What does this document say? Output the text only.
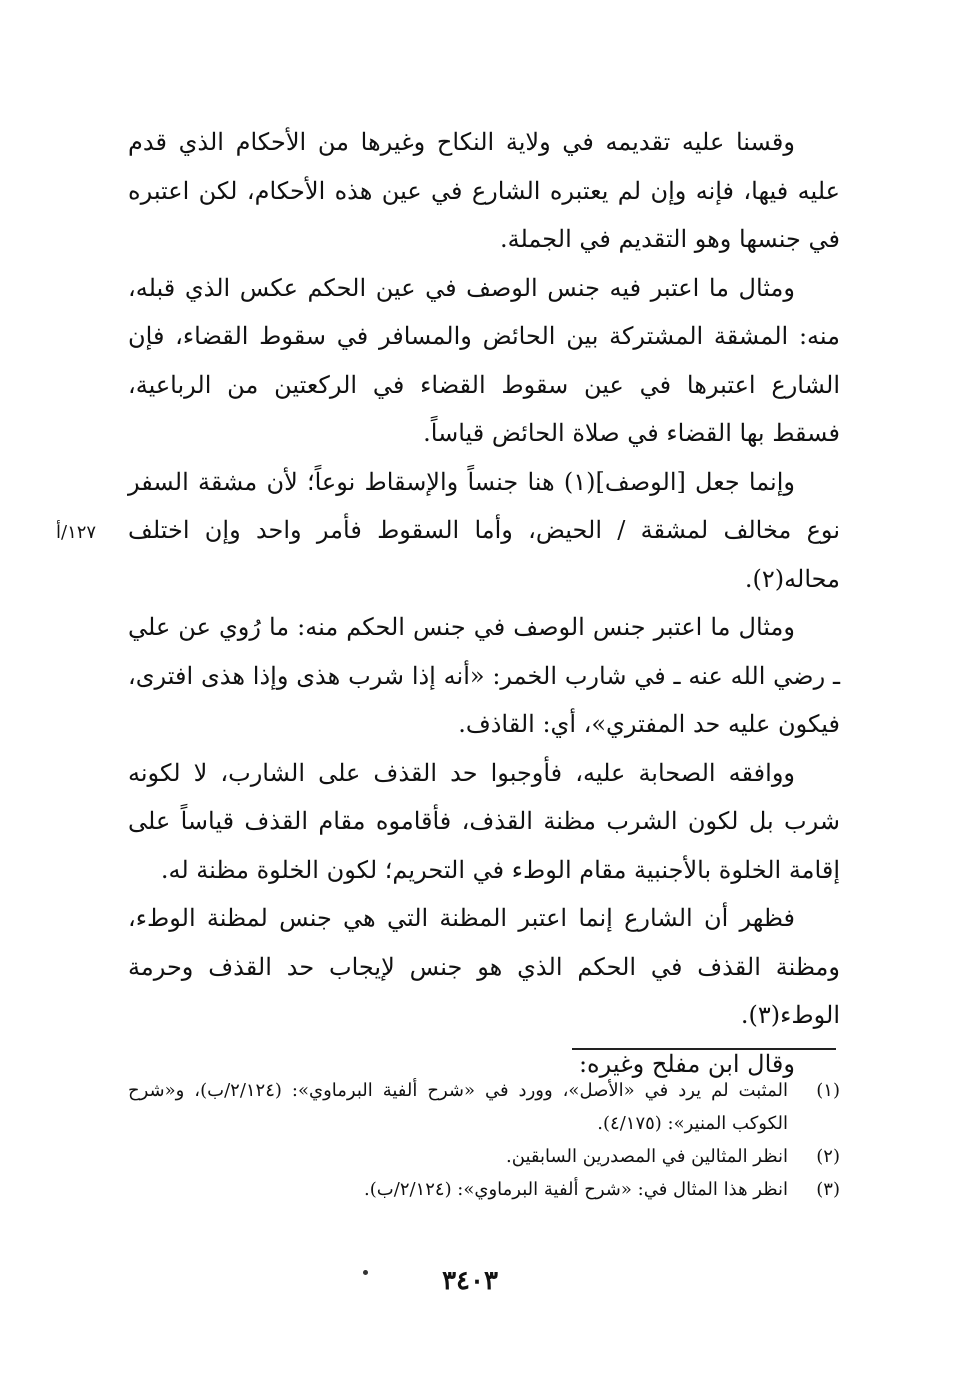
وقسنا عليه تقديمه في ولاية النكاح وغيرها من الأحكام الذي قدم عليه فيها، فإنه وإن لم يعتبره الشارع في عين هذه الأحكام، لكن اعتبره في جنسها وهو التقديم في الجملة.

ومثال ما اعتبر فيه جنس الوصف في عين الحكم عكس الذي قبله، منه: المشقة المشتركة بين الحائض والمسافر في سقوط القضاء، فإن الشارع اعتبرها في عين سقوط القضاء في الركعتين من الرباعية، فسقط بها القضاء في صلاة الحائض قياساً.

وإنما جعل [الوصف](١) هنا جنساً والإسقاط نوعاً؛ لأن مشقة السفر نوع مخالف لمشقة / الحيض، وأما السقوط فأمر واحد وإن اختلف محاله(٢).

ومثال ما اعتبر جنس الوصف في جنس الحكم منه: ما رُوي عن علي ـ رضي الله عنه ـ في شارب الخمر: «أنه إذا شرب هذى وإذا هذى افترى، فيكون عليه حد المفتري»، أي: القاذف.

ووافقه الصحابة عليه، فأوجبوا حد القذف على الشارب، لا لكونه شرب بل لكون الشرب مظنة القذف، فأقاموه مقام القذف قياساً على إقامة الخلوة بالأجنبية مقام الوطء في التحريم؛ لكون الخلوة مظنة له.

فظهر أن الشارع إنما اعتبر المظنة التي هي جنس لمظنة الوطء، ومظنة القذف في الحكم الذي هو جنس لإيجاب حد القذف وحرمة الوطء(٣).

وقال ابن مفلح وغيره:

١٢٧/أ
(١)
المثبت لم يرد في «الأصل»، وورد في «شرح ألفية البرماوي»: (٢/١٢٤/ب)، و«شرح الكوكب المنير»: (٤/١٧٥).
(٢)
انظر المثالين في المصدرين السابقين.
(٣)
انظر هذا المثال في: «شرح ألفية البرماوي»: (٢/١٢٤/ب).
٣٤٠٣
